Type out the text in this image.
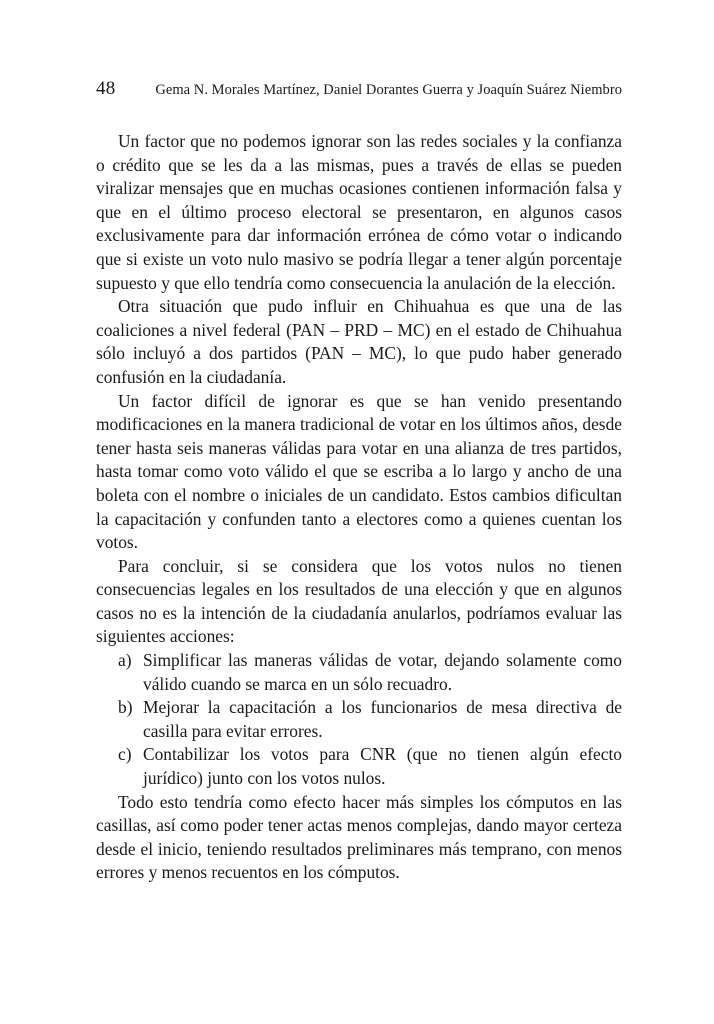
48	Gema N. Morales Martínez, Daniel Dorantes Guerra y Joaquín Suárez Niembro

Un factor que no podemos ignorar son las redes sociales y la confianza o crédito que se les da a las mismas, pues a través de ellas se pueden viralizar mensajes que en muchas ocasiones contienen información falsa y que en el último proceso electoral se presentaron, en algunos casos exclusivamente para dar información errónea de cómo votar o indicando que si existe un voto nulo masivo se podría llegar a tener algún porcentaje supuesto y que ello tendría como consecuencia la anulación de la elección.

Otra situación que pudo influir en Chihuahua es que una de las coaliciones a nivel federal (PAN – PRD – MC) en el estado de Chihuahua sólo incluyó a dos partidos (PAN – MC), lo que pudo haber generado confusión en la ciudadanía.

Un factor difícil de ignorar es que se han venido presentando modificaciones en la manera tradicional de votar en los últimos años, desde tener hasta seis maneras válidas para votar en una alianza de tres partidos, hasta tomar como voto válido el que se escriba a lo largo y ancho de una boleta con el nombre o iniciales de un candidato. Estos cambios dificultan la capacitación y confunden tanto a electores como a quienes cuentan los votos.

Para concluir, si se considera que los votos nulos no tienen consecuencias legales en los resultados de una elección y que en algunos casos no es la intención de la ciudadanía anularlos, podríamos evaluar las siguientes acciones:

a) Simplificar las maneras válidas de votar, dejando solamente como válido cuando se marca en un sólo recuadro.
b) Mejorar la capacitación a los funcionarios de mesa directiva de casilla para evitar errores.
c) Contabilizar los votos para CNR (que no tienen algún efecto jurídico) junto con los votos nulos.

Todo esto tendría como efecto hacer más simples los cómputos en las casillas, así como poder tener actas menos complejas, dando mayor certeza desde el inicio, teniendo resultados preliminares más temprano, con menos errores y menos recuentos en los cómputos.
